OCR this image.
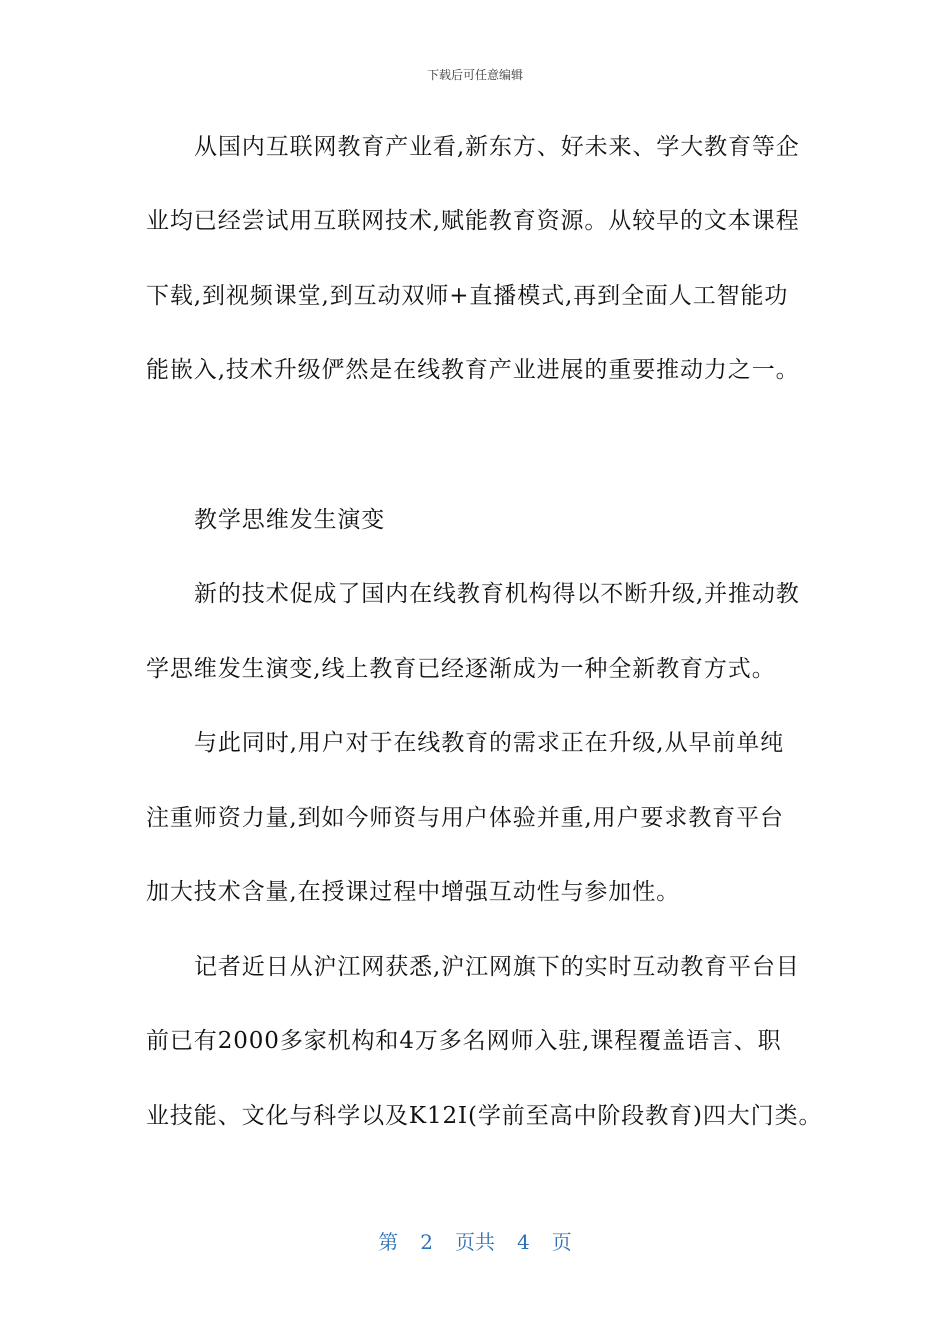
下载后可任意编辑
从国内互联网教育产业看,新东方、好未来、学大教育等企
业均已经尝试用互联网技术,赋能教育资源。从较早的文本课程
下载,到视频课堂,到互动双师+直播模式,再到全面人工智能功
能嵌入,技术升级俨然是在线教育产业进展的重要推动力之一。
教学思维发生演变
新的技术促成了国内在线教育机构得以不断升级,并推动教
学思维发生演变,线上教育已经逐渐成为一种全新教育方式。
与此同时,用户对于在线教育的需求正在升级,从早前单纯
注重师资力量,到如今师资与用户体验并重,用户要求教育平台
加大技术含量,在授课过程中增强互动性与参加性。
记者近日从沪江网获悉,沪江网旗下的实时互动教育平台目
前已有2000多家机构和4万多名网师入驻,课程覆盖语言、职
业技能、文化与科学以及K12I(学前至高中阶段教育)四大门类。
第 2 页共 4 页
